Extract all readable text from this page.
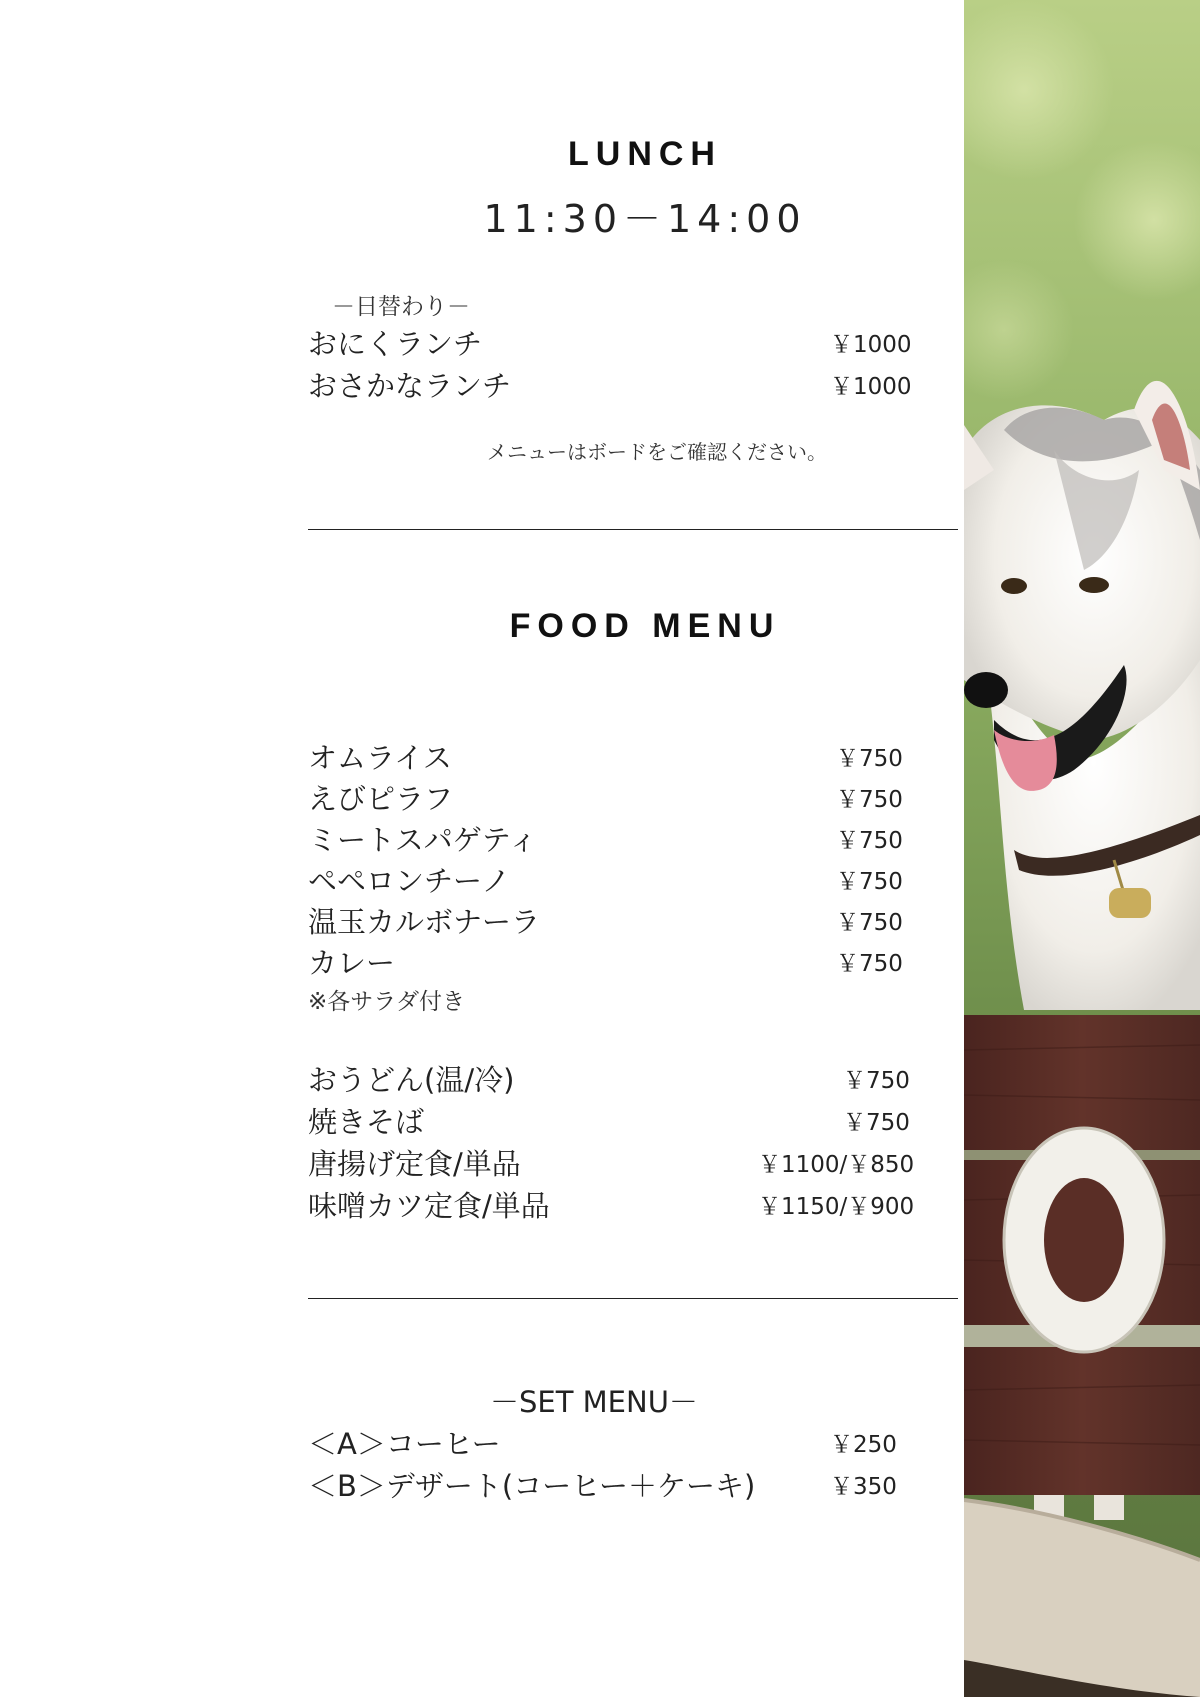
LUNCH
11:30－14:00
－日替わり－
おにくランチ	￥1000
おさかなランチ	￥1000
メニューはボードをご確認ください。
FOOD MENU
オムライス	￥750
えびピラフ	￥750
ミートスパゲティ	￥750
ペペロンチーノ	￥750
温玉カルボナーラ	￥750
カレー	￥750
※各サラダ付き
おうどん(温/冷)	￥750
焼きそば	￥750
唐揚げ定食/単品	￥1100/￥850
味噌カツ定食/単品	￥1150/￥900
－SET MENU－
＜A＞コーヒー	￥250
＜B＞デザート(コーヒー＋ケーキ)	￥350
